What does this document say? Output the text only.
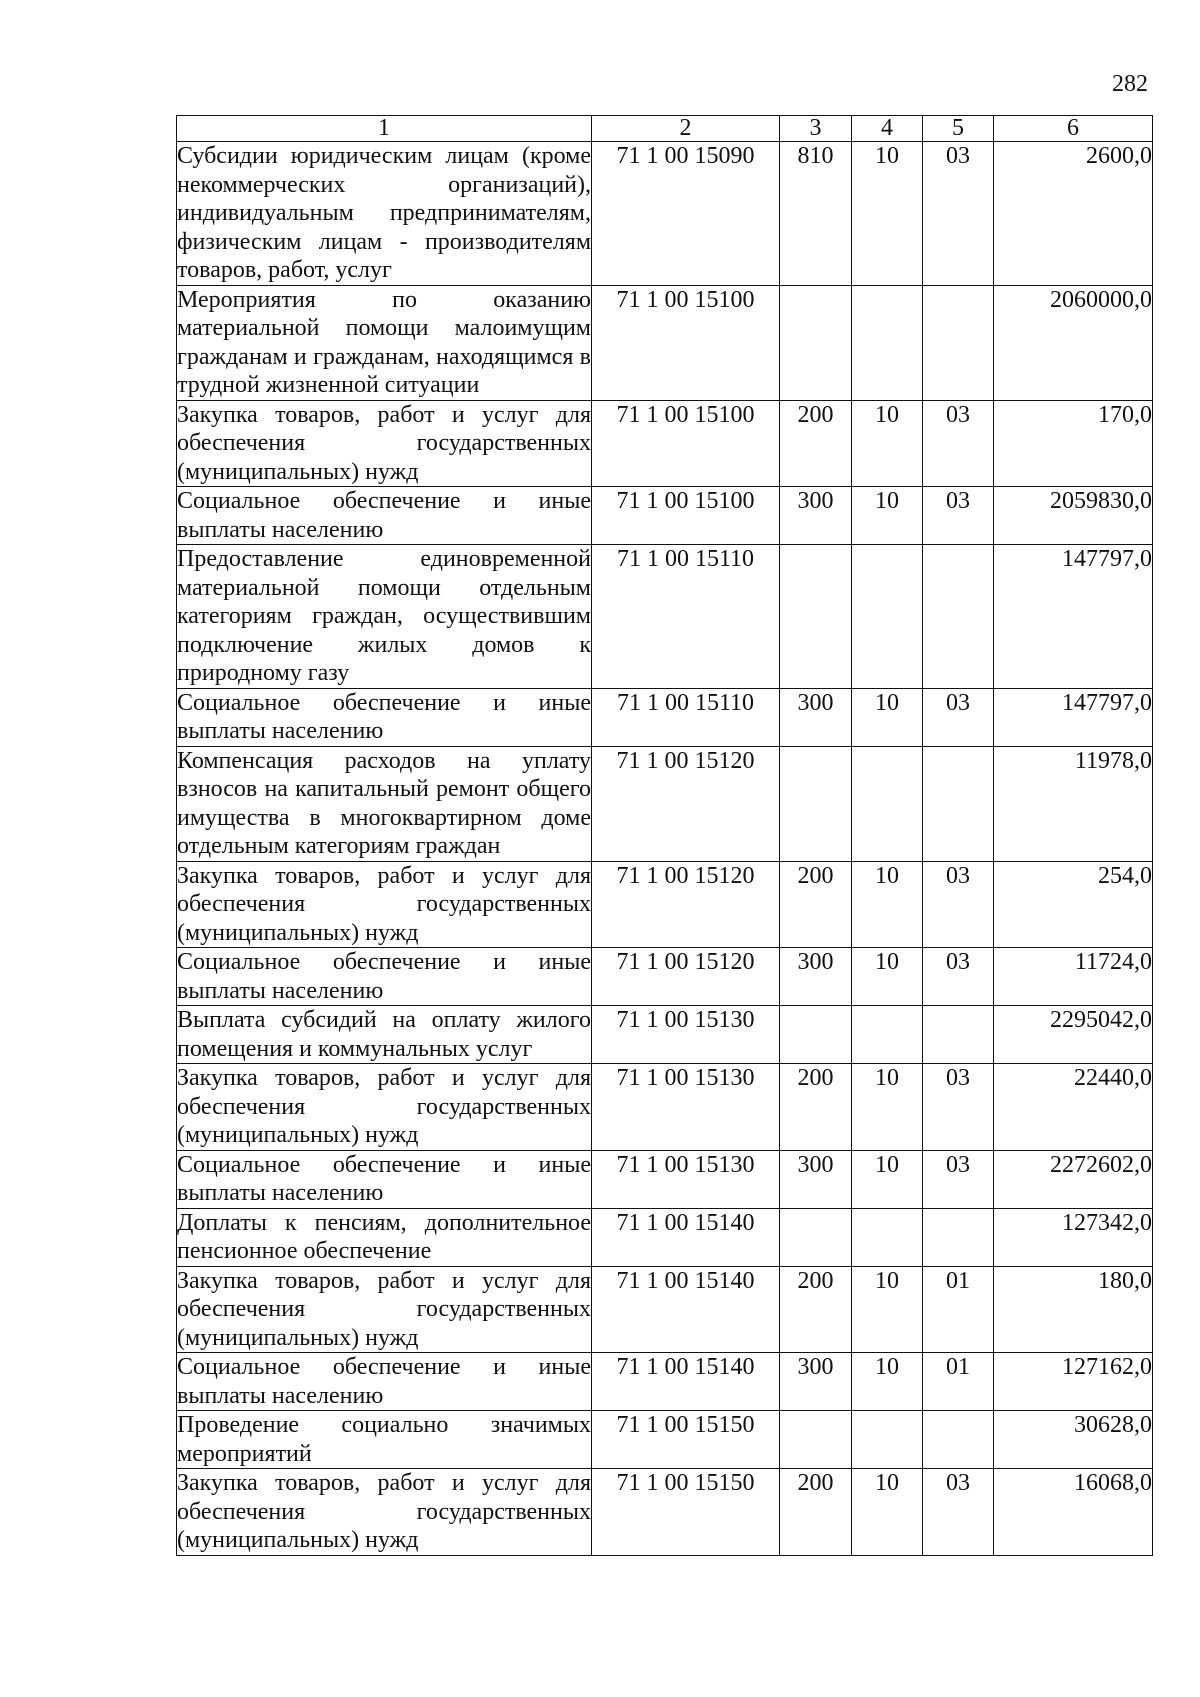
282
1	2	3	4	5	6
Субсидии юридическим лицам (кроме некоммерческих организаций), индивидуальным предпринимателям, физическим лицам - производителям товаров, работ, услуг	71 1 00 15090	810	10	03	2600,0
Мероприятия по оказанию материальной помощи малоимущим гражданам и гражданам, находящимся в трудной жизненной ситуации	71 1 00 15100				2060000,0
Закупка товаров, работ и услуг для обеспечения государственных (муниципальных) нужд	71 1 00 15100	200	10	03	170,0
Социальное обеспечение и иные выплаты населению	71 1 00 15100	300	10	03	2059830,0
Предоставление единовременной материальной помощи отдельным категориям граждан, осуществившим подключение жилых домов к природному газу	71 1 00 15110				147797,0
Социальное обеспечение и иные выплаты населению	71 1 00 15110	300	10	03	147797,0
Компенсация расходов на уплату взносов на капитальный ремонт общего имущества в многоквартирном доме отдельным категориям граждан	71 1 00 15120				11978,0
Закупка товаров, работ и услуг для обеспечения государственных (муниципальных) нужд	71 1 00 15120	200	10	03	254,0
Социальное обеспечение и иные выплаты населению	71 1 00 15120	300	10	03	11724,0
Выплата субсидий на оплату жилого помещения и коммунальных услуг	71 1 00 15130				2295042,0
Закупка товаров, работ и услуг для обеспечения государственных (муниципальных) нужд	71 1 00 15130	200	10	03	22440,0
Социальное обеспечение и иные выплаты населению	71 1 00 15130	300	10	03	2272602,0
Доплаты к пенсиям, дополнительное пенсионное обеспечение	71 1 00 15140				127342,0
Закупка товаров, работ и услуг для обеспечения государственных (муниципальных) нужд	71 1 00 15140	200	10	01	180,0
Социальное обеспечение и иные выплаты населению	71 1 00 15140	300	10	01	127162,0
Проведение социально значимых мероприятий	71 1 00 15150				30628,0
Закупка товаров, работ и услуг для обеспечения государственных (муниципальных) нужд	71 1 00 15150	200	10	03	16068,0
